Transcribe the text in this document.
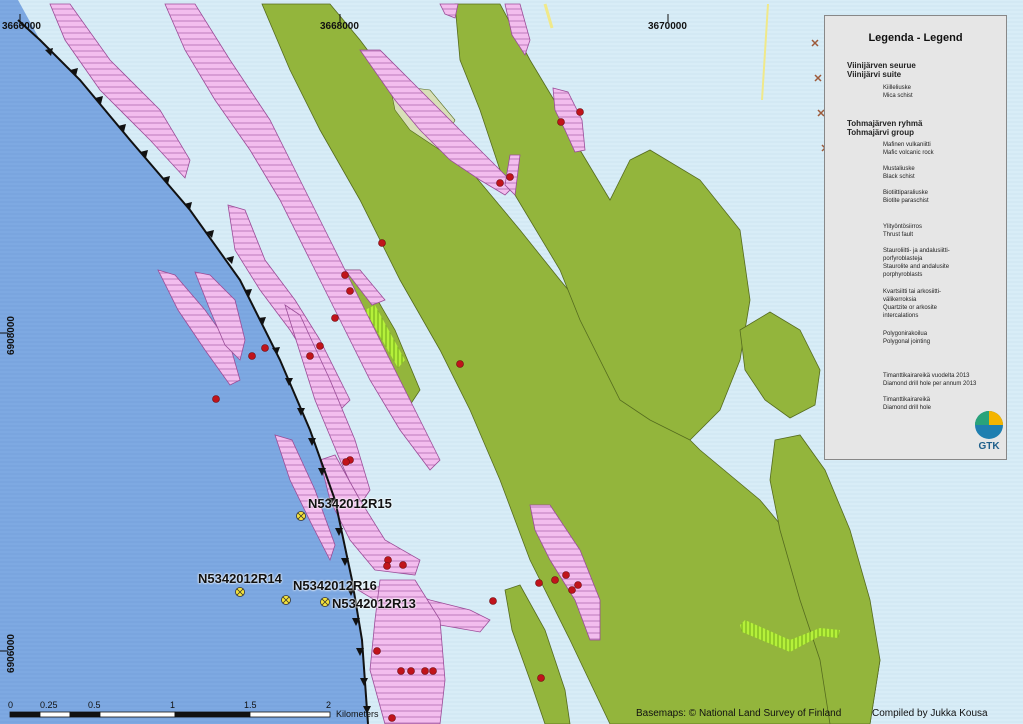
3666000	3668000	3670000
6908000
6906000
N5342012R15
N5342012R14 N5342012R16
N5342012R13
Legenda - Legend
Viinijärven seurue
Viinijärvi suite
Kiilleliuske
Mica schist
Tohmajärven ryhmä
Tohmajärvi group
Mafinen vulkaniitti
Mafic volcanic rock
Mustaliuske
Black schist
Biotiittiparaliuske
Biotite paraschist
Ylityöntösiirros
Thrust fault
Stauroliitti- ja andalusiitti-
porfyroblasteja
Staurolite and andalusite
porphyroblasts
Kvartsiitti tai arkosiitti-
välikerroksia
Quartzite or arkosite
intercalations
Polygonirakoilua
Polygonal jointing
Timanttikairareikä vuodelta 2013
Diamond drill hole per annum 2013
Timanttikairareikä
Diamond drill hole
GTK
0	0.25	0.5	1	1.5	2
Kilometers	Basemaps: © National Land Survey of Finland	Compiled by Jukka Kousa
